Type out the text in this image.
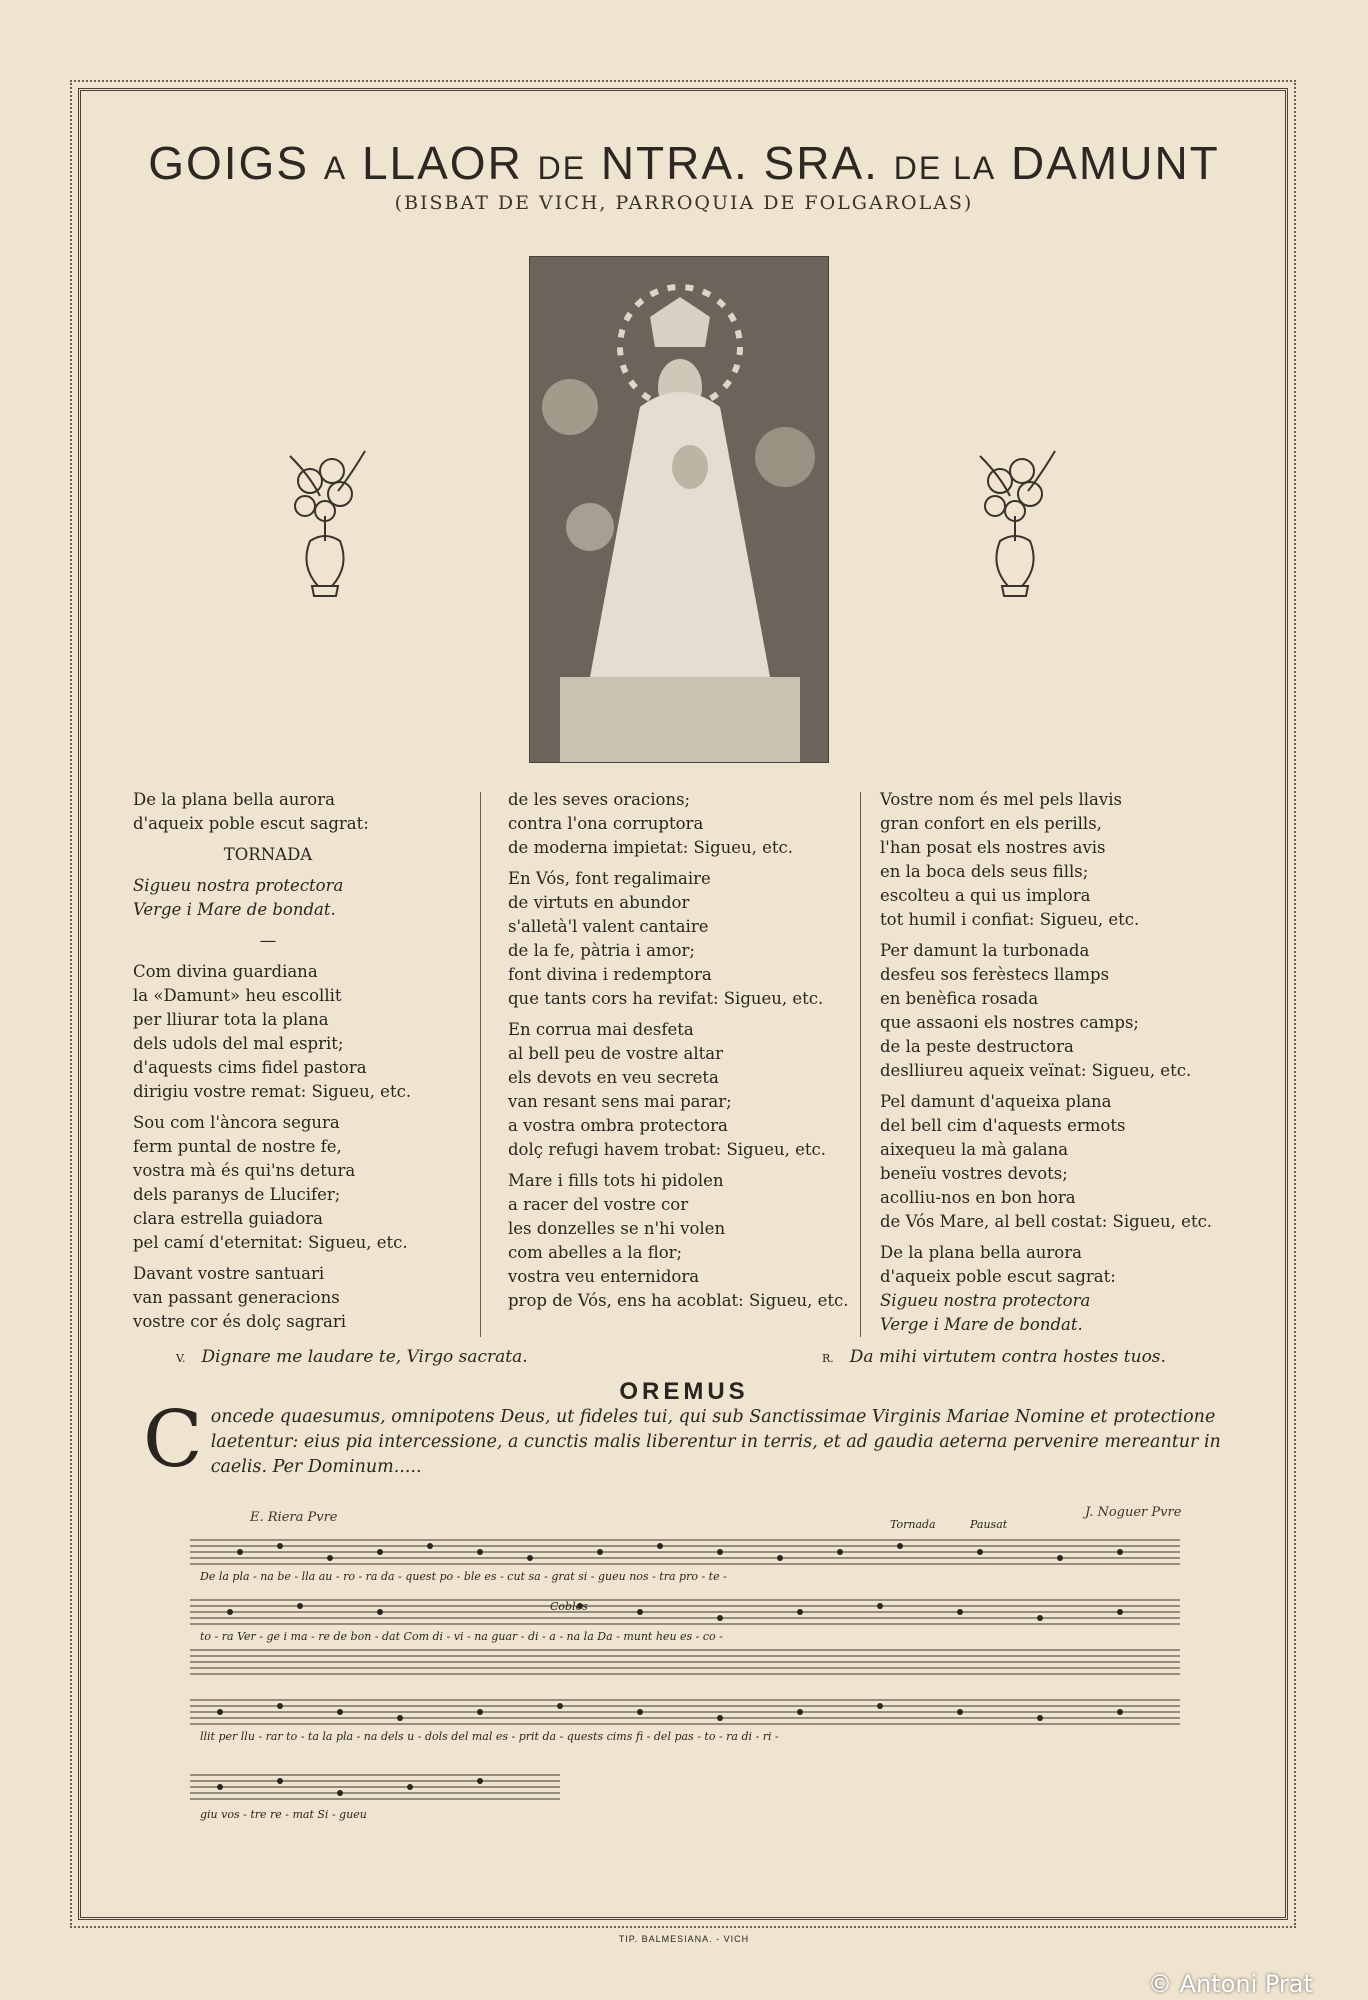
GOIGS A LLAOR DE NTRA. SRA. DE LA DAMUNT
(BISBAT DE VICH, PARROQUIA DE FOLGAROLAS)

De la plana bella aurora
d'aqueix poble escut sagrat:

TORNADA

Sigueu nostra protectora
Verge i Mare de bondat.

—

Com divina guardiana
la «Damunt» heu escollit
per lliurar tota la plana
dels udols del mal esprit;
d'aquests cims fidel pastora
dirigiu vostre remat: Sigueu, etc.

Sou com l'àncora segura
ferm puntal de nostre fe,
vostra mà és qui'ns detura
dels paranys de Llucifer;
clara estrella guiadora
pel camí d'eternitat: Sigueu, etc.

Davant vostre santuari
van passant generacions
vostre cor és dolç sagrari

de les seves oracions;
contra l'ona corruptora
de moderna impietat: Sigueu, etc.

En Vós, font regalimaire
de virtuts en abundor
s'alletà'l valent cantaire
de la fe, pàtria i amor;
font divina i redemptora
que tants cors ha revifat: Sigueu, etc.

En corrua mai desfeta
al bell peu de vostre altar
els devots en veu secreta
van resant sens mai parar;
a vostra ombra protectora
dolç refugi havem trobat: Sigueu, etc.

Mare i fills tots hi pidolen
a racer del vostre cor
les donzelles se n'hi volen
com abelles a la flor;
vostra veu enternidora
prop de Vós, ens ha acoblat: Sigueu, etc.

Vostre nom és mel pels llavis
gran confort en els perills,
l'han posat els nostres avis
en la boca dels seus fills;
escolteu a qui us implora
tot humil i confiat: Sigueu, etc.

Per damunt la turbonada
desfeu sos ferèstecs llamps
en benèfica rosada
que assaoni els nostres camps;
de la peste destructora
deslliureu aqueix veïnat: Sigueu, etc.

Pel damunt d'aqueixa plana
del bell cim d'aquests ermots
aixequeu la mà galana
beneïu vostres devots;
acolliu-nos en bon hora
de Vós Mare, al bell costat: Sigueu, etc.

De la plana bella aurora
d'aqueix poble escut sagrat:
Sigueu nostra protectora
Verge i Mare de bondat.

V. Dignare me laudare te, Virgo sacrata.	R. Da mihi virtutem contra hostes tuos.
OREMUS
Concede quaesumus, omnipotens Deus, ut fideles tui, qui sub Sanctissimae Virginis Mariae Nomine et protectione laetentur: eius pia intercessione, a cunctis malis liberentur in terris, et ad gaudia aeterna pervenire mereantur in caelis. Per Dominum.....
E. Riera Pvre	J. Noguer Pvre
De la pla - na be - lla au - ro - ra da - quest po - ble es - cut sa - grat si - gueu nos - tra pro - te -
to - ra Ver - ge i ma - re de bon - dat Com di - vi - na guar - di - a - na la Da - munt heu es - co -
llit per llu - rar to - ta la pla - na dels u - dols del mal es - prit da - quests cims fi - del pas - to - ra di - ri -
giu vos - tre re - mat Si - gueu
Tornada	Pausat
Cobles
TIP. BALMESIANA. - VICH
© Antoni Prat
